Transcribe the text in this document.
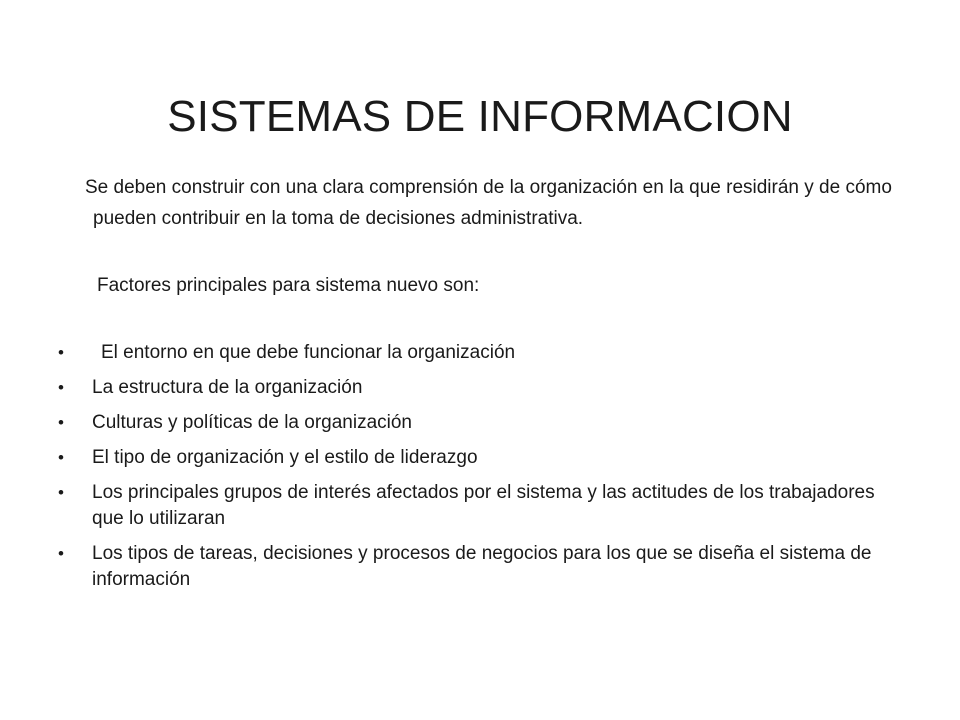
SISTEMAS DE INFORMACION
Se deben construir con una clara comprensión de la organización en la que residirán y de cómo pueden contribuir en la toma de decisiones administrativa.
Factores principales para sistema nuevo son:
•	El entorno en que debe funcionar la organización
•	La estructura de la organización
•	Culturas y políticas de la organización
•	El tipo de organización y el estilo de liderazgo
•	Los principales grupos de interés afectados por el sistema y las actitudes de los trabajadores que lo utilizaran
•	Los tipos de tareas, decisiones y procesos de negocios para los que se diseña el sistema de información
